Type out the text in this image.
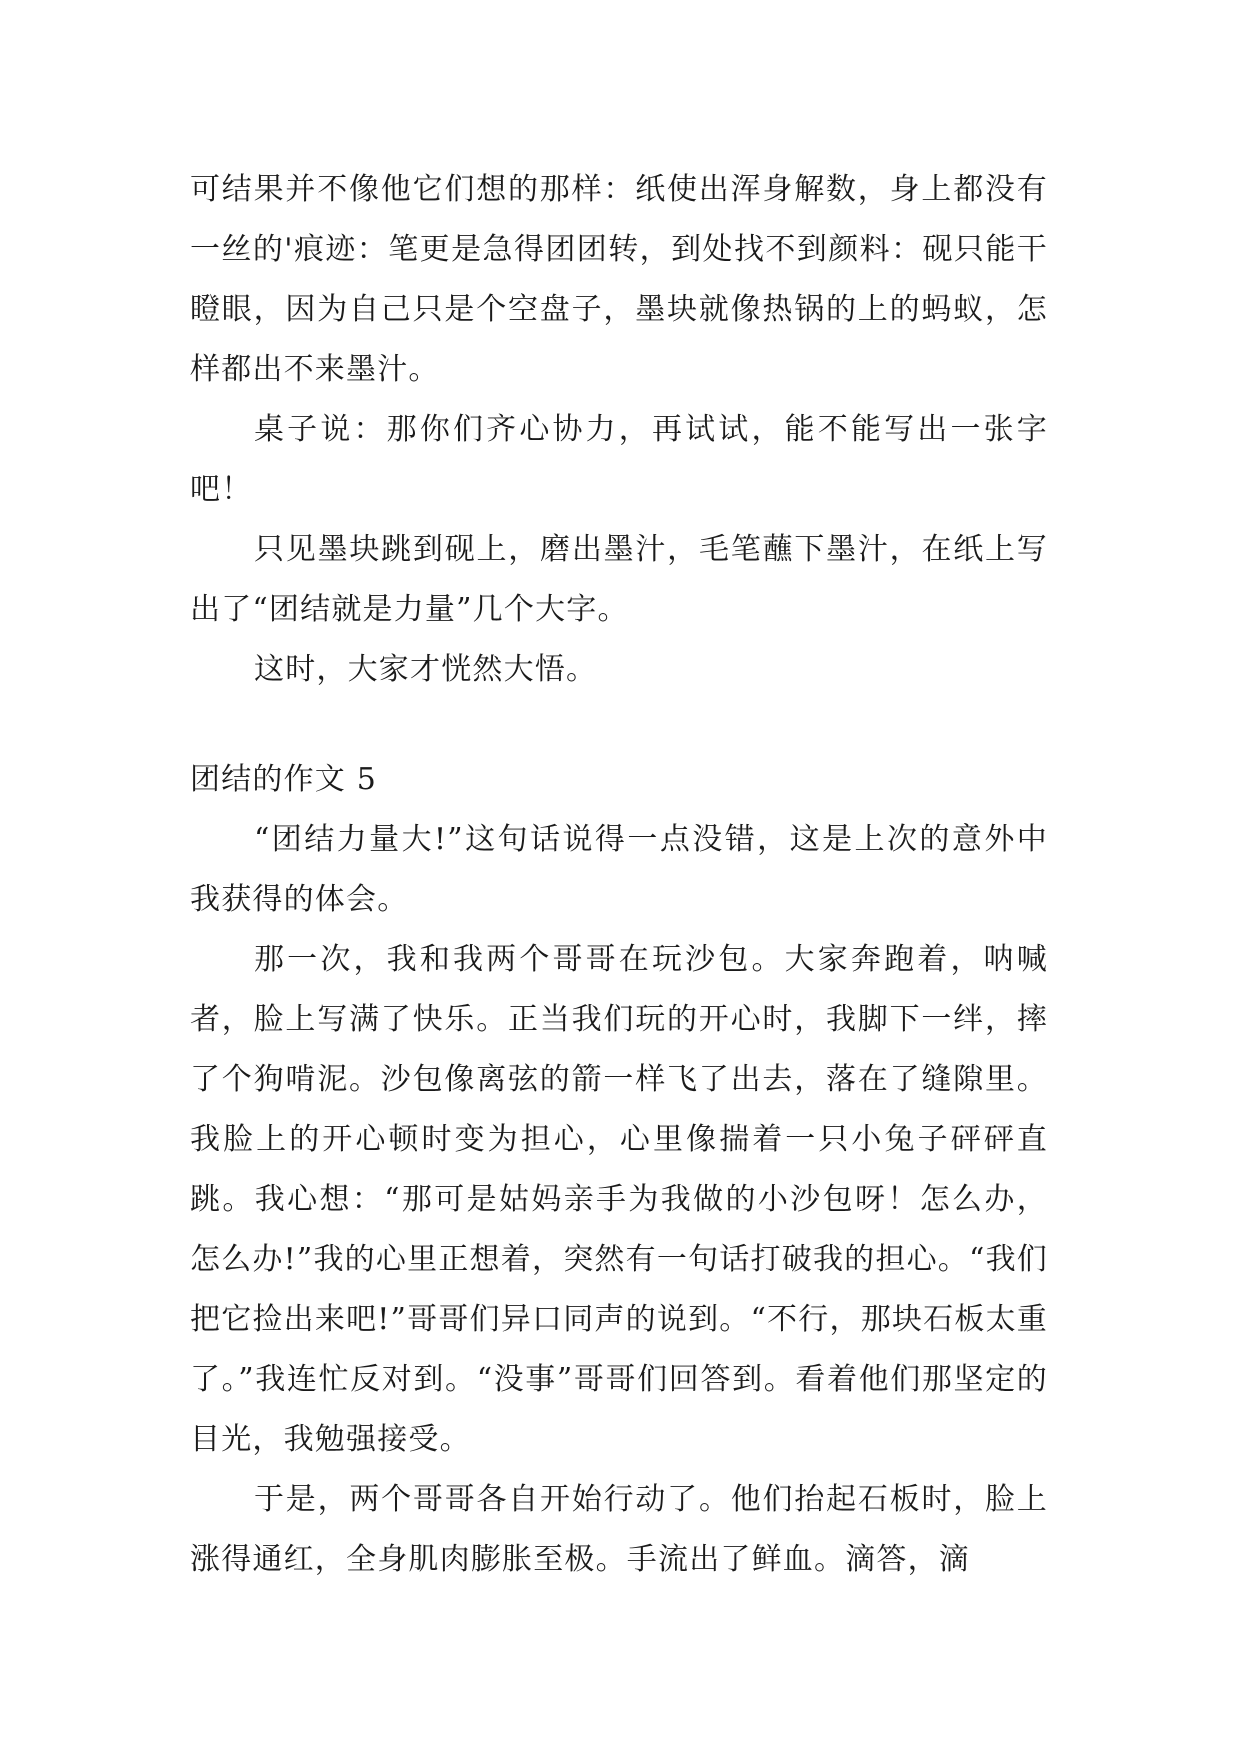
可结果并不像他它们想的那样：纸使出浑身解数，身上都没有一丝的'痕迹：笔更是急得团团转，到处找不到颜料：砚只能干瞪眼，因为自己只是个空盘子，墨块就像热锅的上的蚂蚁，怎样都出不来墨汁。

桌子说：那你们齐心协力，再试试，能不能写出一张字吧！

只见墨块跳到砚上，磨出墨汁，毛笔蘸下墨汁，在纸上写出了“团结就是力量”几个大字。

这时，大家才恍然大悟。

团结的作文 5

“团结力量大!”这句话说得一点没错，这是上次的意外中我获得的体会。

那一次，我和我两个哥哥在玩沙包。大家奔跑着，呐喊者，脸上写满了快乐。正当我们玩的开心时，我脚下一绊，摔了个狗啃泥。沙包像离弦的箭一样飞了出去，落在了缝隙里。我脸上的开心顿时变为担心，心里像揣着一只小兔子砰砰直跳。我心想：“那可是姑妈亲手为我做的小沙包呀！怎么办，怎么办!”我的心里正想着，突然有一句话打破我的担心。“我们把它捡出来吧!”哥哥们异口同声的说到。“不行，那块石板太重了。”我连忙反对到。“没事”哥哥们回答到。看着他们那坚定的目光，我勉强接受。

于是，两个哥哥各自开始行动了。他们抬起石板时，脸上涨得通红，全身肌肉膨胀至极。手流出了鲜血。滴答，滴
